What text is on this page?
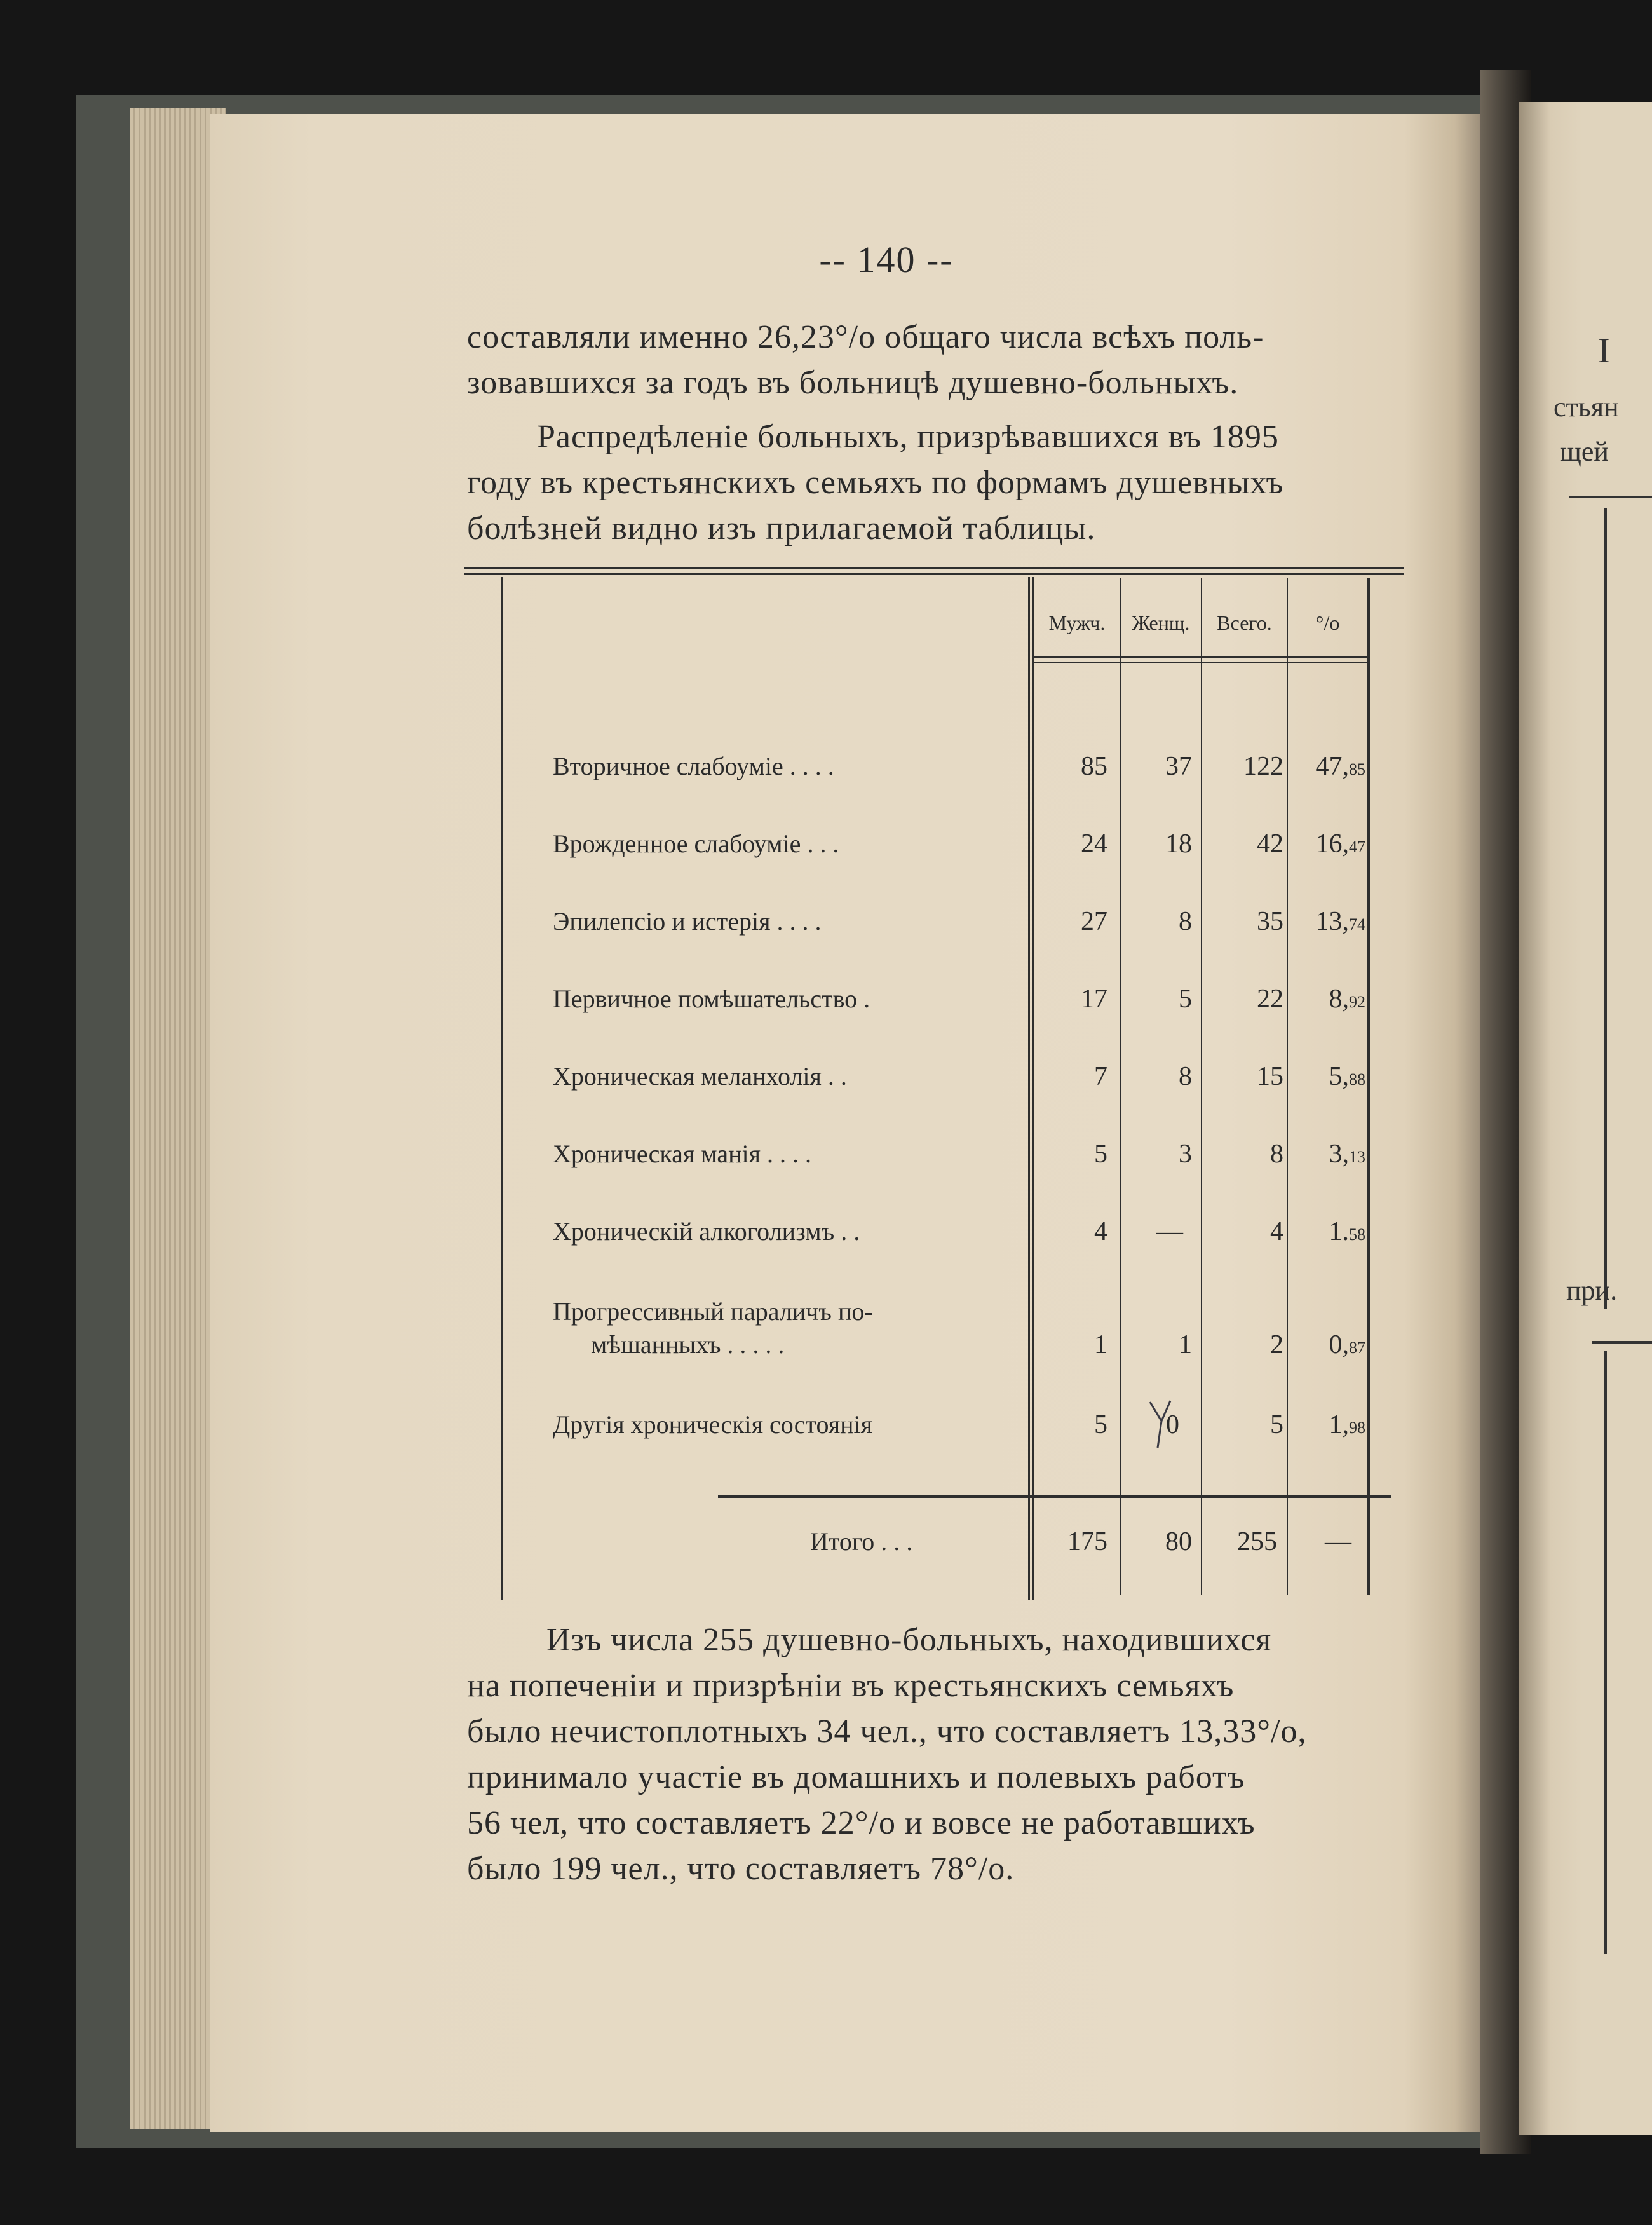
І
стьян
щей
при.
-- 140 --
составляли именно 26,23°/о общаго числа всѣхъ поль-
зовавшихся за годъ въ больницѣ душевно-больныхъ.
Распредѣленіе больныхъ, призрѣвавшихся въ 1895
году въ крестьянскихъ семьяхъ по формамъ душевныхъ
болѣзней видно изъ прилагаемой таблицы.
Мужч.	Женщ.	Всего.	°/о
Вторичное слабоуміе . . . .	85	37	122	47,85
Врожденное слабоуміе . . .	24	18	42	16,47
Эпилепсіо и истерія . . . .	27	8	35	13,74
Первичное помѣшательство .	17	5	22	8,92
Хроническая меланхолія . .	7	8	15	5,88
Хроническая манія . . . .	5	3	8	3,13
Хроническій алкоголизмъ . .	4	—	4	1.58
Прогрессивный параличъ по-
мѣшанныхъ . . . . .	1	1	2	0,87
Другія хроническія состоянія	5	0	5	1,98
Итого . . .	175	80	255	—
Изъ числа 255 душевно-больныхъ, находившихся
на попеченіи и призрѣніи въ крестьянскихъ семьяхъ
было нечистоплотныхъ 34 чел., что составляетъ 13,33°/о,
принимало участіе въ домашнихъ и полевыхъ работъ
56 чел, что составляетъ 22°/о и вовсе не работавшихъ
было 199 чел., что составляетъ 78°/о.
